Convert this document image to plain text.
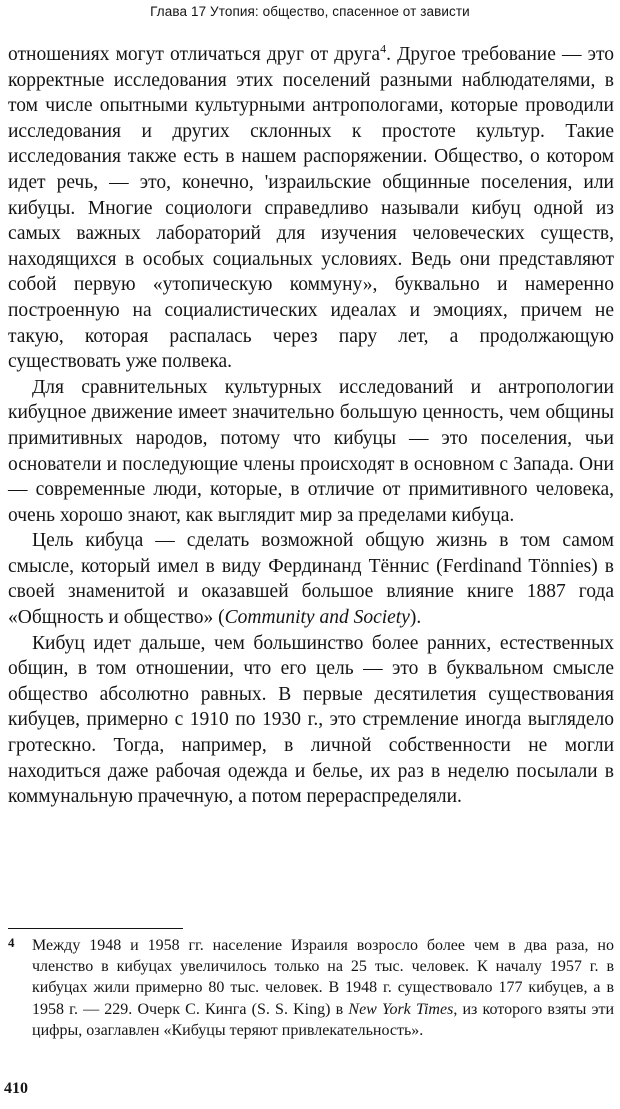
Глава 17 Утопия: общество, спасенное от зависти

отношениях могут отличаться друг от друга$^4$. Другое требование — это корректные исследования этих поселений разными наблюдателями, в том числе опытными культурными антропологами, которые проводили исследования и других склонных к простоте культур. Такие исследования также есть в нашем распоряжении. Общество, о котором идет речь, — это, конечно, 'израильские общинные поселения, или кибуцы. Многие социологи справедливо называли кибуц одной из самых важных лабораторий для изучения человеческих существ, находящихся в особых социальных условиях. Ведь они представляют собой первую «утопическую коммуну», буквально и намеренно построенную на социалистических идеалах и эмоциях, причем не такую, которая распалась через пару лет, а продолжающую существовать уже полвека.

Для сравнительных культурных исследований и антропологии кибуцное движение имеет значительно большую ценность, чем общины примитивных народов, потому что кибуцы — это поселения, чьи основатели и последующие члены происходят в основном с Запада. Они — современные люди, которые, в отличие от примитивного человека, очень хорошо знают, как выглядит мир за пределами кибуца.

Цель кибуца — сделать возможной общую жизнь в том самом смысле, который имел в виду Фердинанд Тённис (Ferdinand Tönnies) в своей знаменитой и оказавшей большое влияние книге 1887 года «Общность и общество» (Community and Society).

Кибуц идет дальше, чем большинство более ранних, естественных общин, в том отношении, что его цель — это в буквальном смысле общество абсолютно равных. В первые десятилетия существования кибуцев, примерно с 1910 по 1930 г., это стремление иногда выглядело гротескно. Тогда, например, в личной собственности не могли находиться даже рабочая одежда и белье, их раз в неделю посылали в коммунальную прачечную, а потом перераспределяли.

4 Между 1948 и 1958 гг. население Израиля возросло более чем в два раза, но членство в кибуцах увеличилось только на 25 тыс. человек. К началу 1957 г. в кибуцах жили примерно 80 тыс. человек. В 1948 г. существовало 177 кибуцев, а в 1958 г. — 229. Очерк С. Кинга (S. S. King) в New York Times, из которого взяты эти цифры, озаглавлен «Кибуцы теряют привлекательность».
410
